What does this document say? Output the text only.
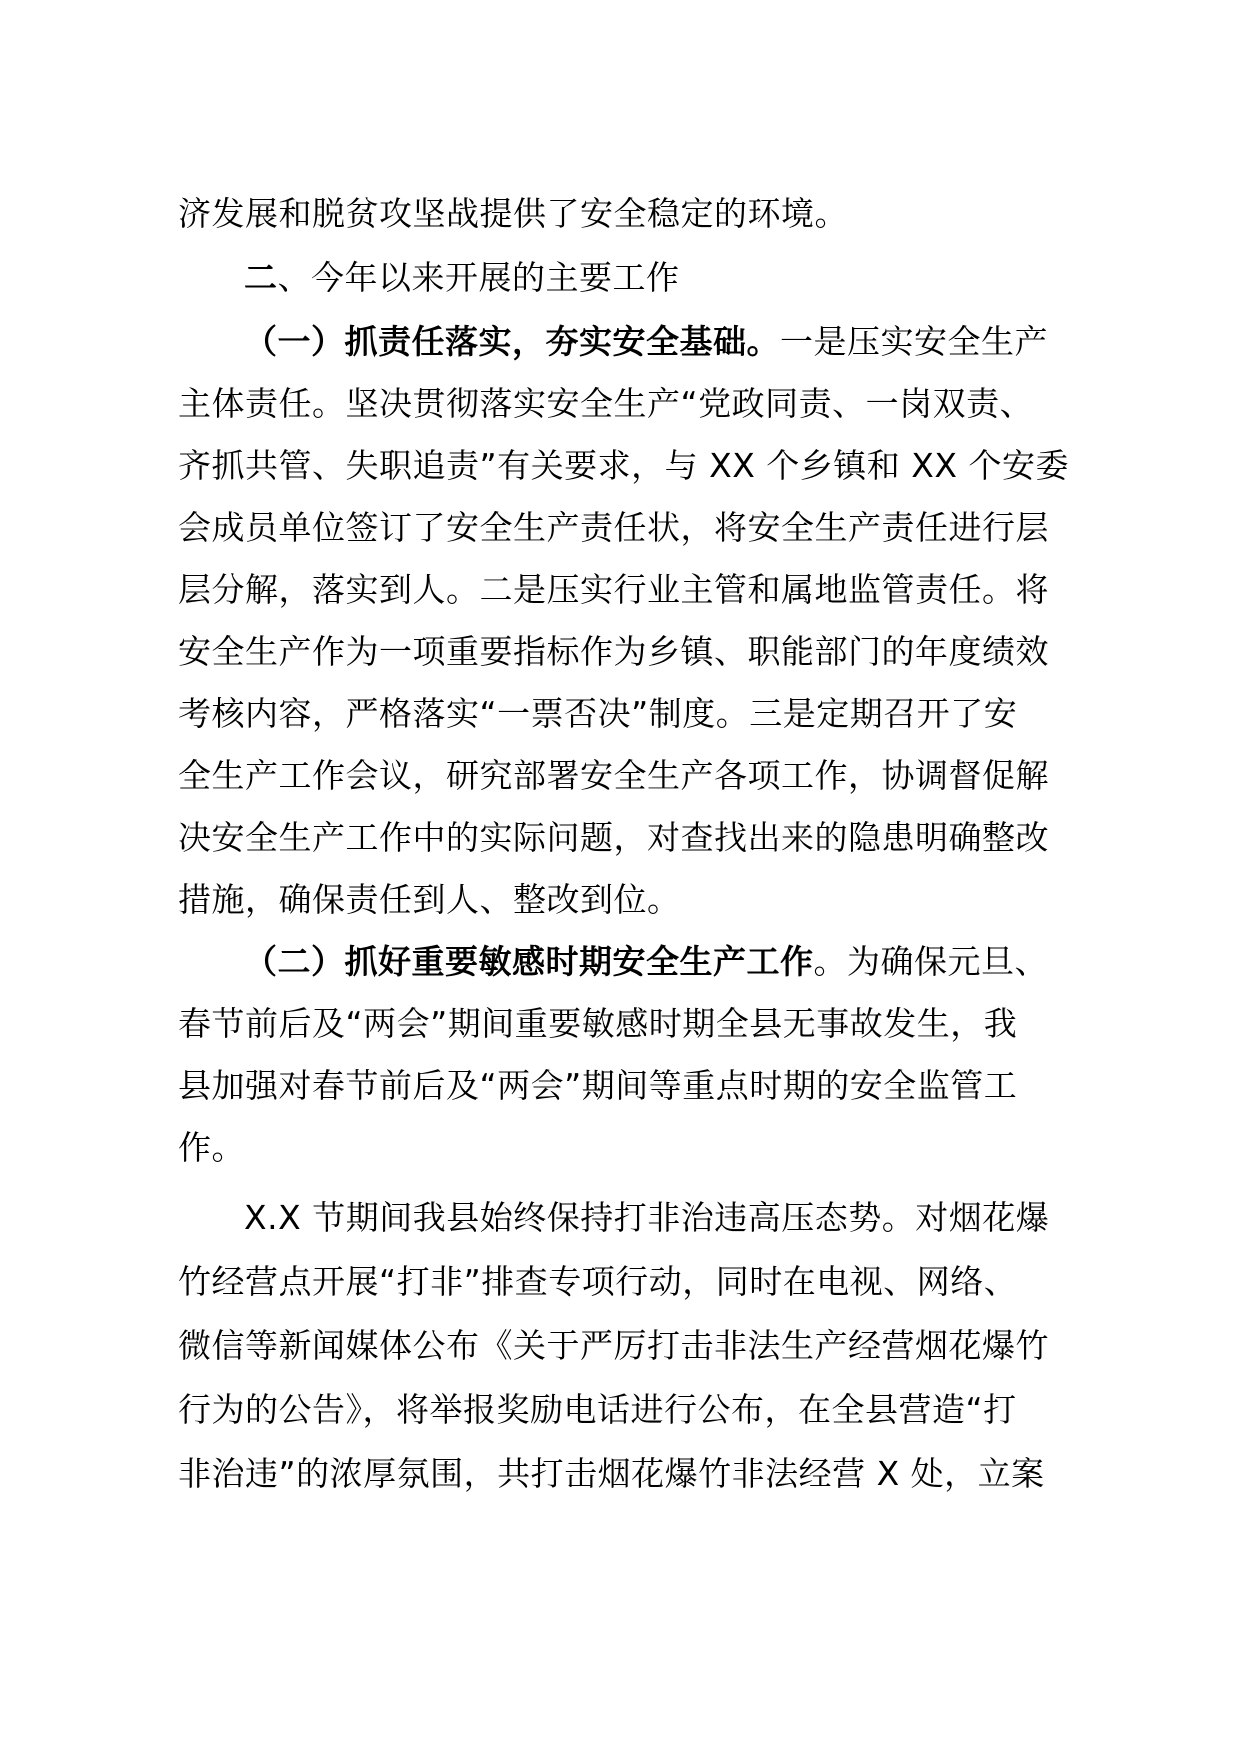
济发展和脱贫攻坚战提供了安全稳定的环境。
二、今年以来开展的主要工作
（一）抓责任落实，夯实安全基础。一是压实安全生产
主体责任。坚决贯彻落实安全生产“党政同责、一岗双责、
齐抓共管、失职追责”有关要求，与 XX 个乡镇和 XX 个安委
会成员单位签订了安全生产责任状，将安全生产责任进行层
层分解，落实到人。二是压实行业主管和属地监管责任。将
安全生产作为一项重要指标作为乡镇、职能部门的年度绩效
考核内容，严格落实“一票否决”制度。三是定期召开了安
全生产工作会议，研究部署安全生产各项工作，协调督促解
决安全生产工作中的实际问题，对查找出来的隐患明确整改
措施，确保责任到人、整改到位。
（二）抓好重要敏感时期安全生产工作。为确保元旦、
春节前后及“两会”期间重要敏感时期全县无事故发生，我
县加强对春节前后及“两会”期间等重点时期的安全监管工
作。
X.X 节期间我县始终保持打非治违高压态势。对烟花爆
竹经营点开展“打非”排查专项行动，同时在电视、网络、
微信等新闻媒体公布《关于严厉打击非法生产经营烟花爆竹
行为的公告》，将举报奖励电话进行公布，在全县营造“打
非治违”的浓厚氛围，共打击烟花爆竹非法经营 X 处，立案
